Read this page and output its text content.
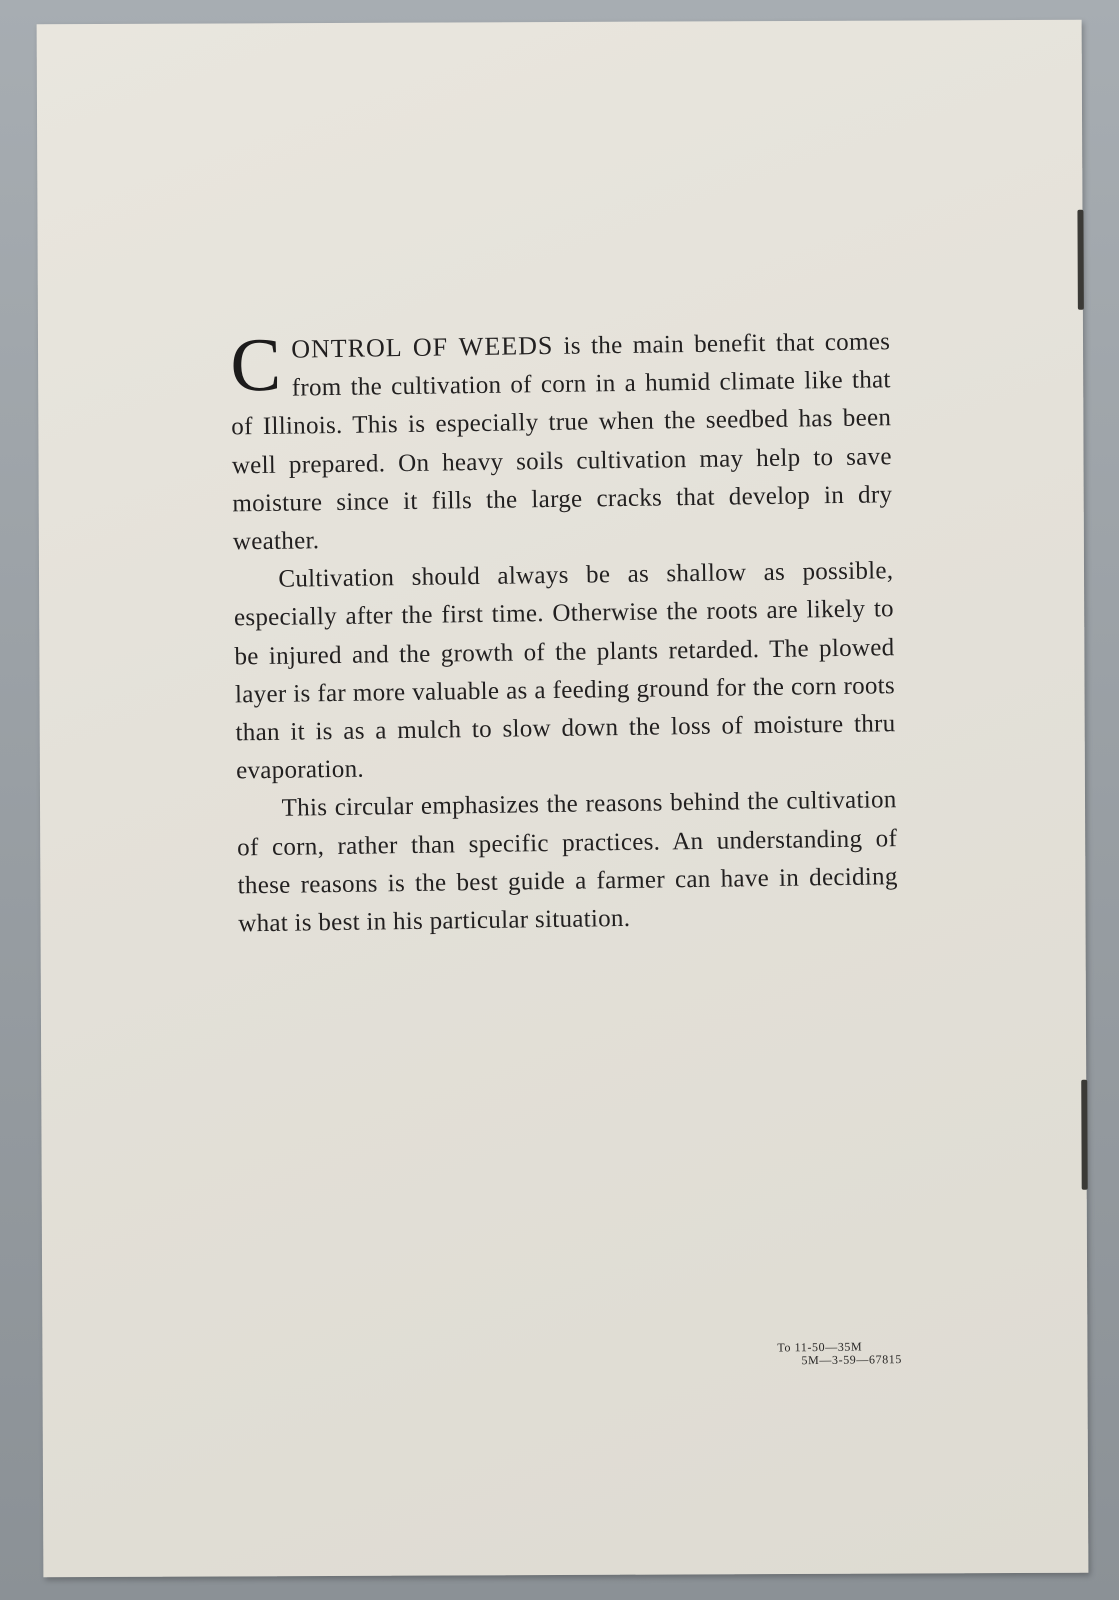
CONTROL OF WEEDS is the main benefit that comes from the cultivation of corn in a humid climate like that of Illinois. This is especially true when the seedbed has been well prepared. On heavy soils cultivation may help to save moisture since it fills the large cracks that develop in dry weather.

Cultivation should always be as shallow as possible, especially after the first time. Otherwise the roots are likely to be injured and the growth of the plants retarded. The plowed layer is far more valuable as a feeding ground for the corn roots than it is as a mulch to slow down the loss of moisture thru evaporation.

This circular emphasizes the reasons behind the cultivation of corn, rather than specific practices. An understanding of these reasons is the best guide a farmer can have in deciding what is best in his particular situation.

To 11-50—35M
5M—3-59—67815
